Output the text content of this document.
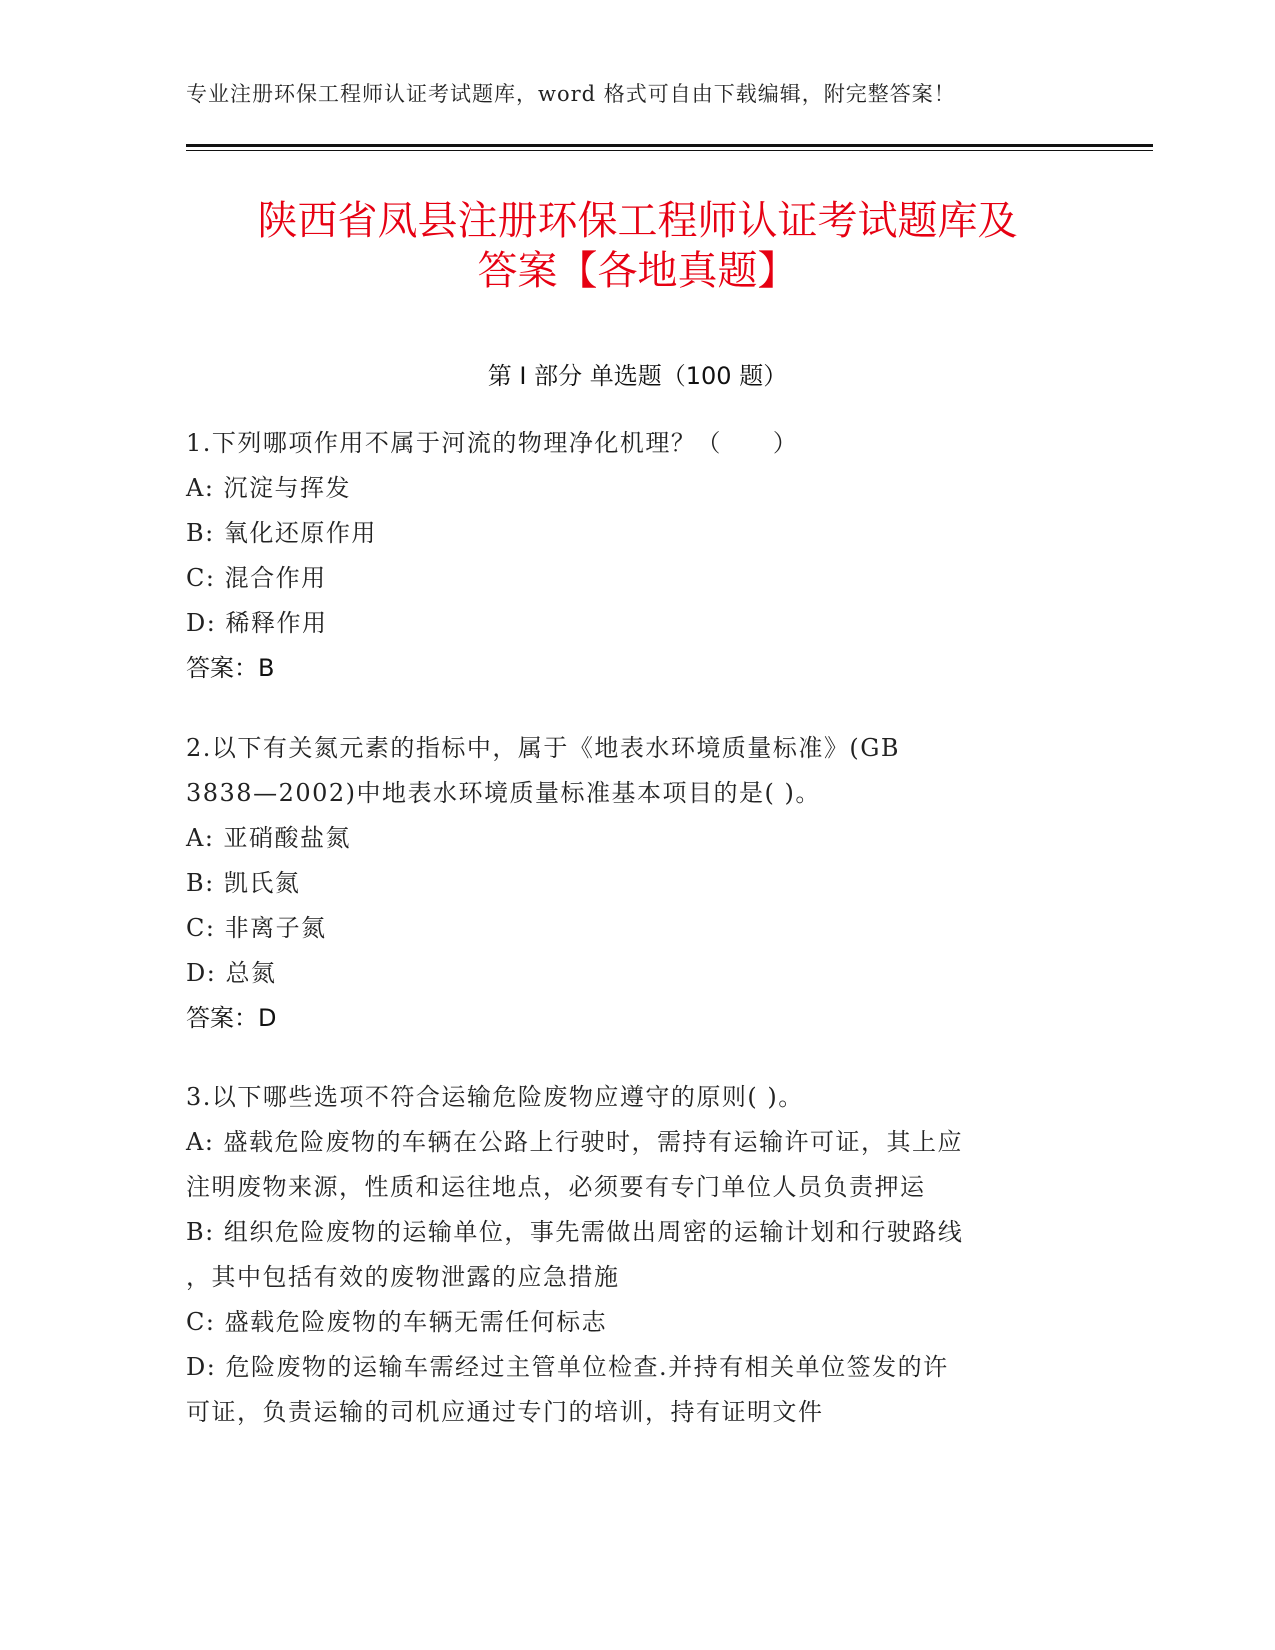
专业注册环保工程师认证考试题库，word 格式可自由下载编辑，附完整答案！
陕西省凤县注册环保工程师认证考试题库及
答案【各地真题】
第 I 部分 单选题（100 题）
1.下列哪项作用不属于河流的物理净化机理？（　　）
A: 沉淀与挥发
B: 氧化还原作用
C: 混合作用
D: 稀释作用
答案：B
2.以下有关氮元素的指标中，属于《地表水环境质量标准》(GB
3838—2002)中地表水环境质量标准基本项目的是( )。
A: 亚硝酸盐氮
B: 凯氏氮
C: 非离子氮
D: 总氮
答案：D
3.以下哪些选项不符合运输危险废物应遵守的原则( )。
A: 盛载危险废物的车辆在公路上行驶时，需持有运输许可证，其上应
注明废物来源，性质和运往地点，必须要有专门单位人员负责押运
B: 组织危险废物的运输单位，事先需做出周密的运输计划和行驶路线
，其中包括有效的废物泄露的应急措施
C: 盛载危险废物的车辆无需任何标志
D: 危险废物的运输车需经过主管单位检查.并持有相关单位签发的许
可证，负责运输的司机应通过专门的培训，持有证明文件
